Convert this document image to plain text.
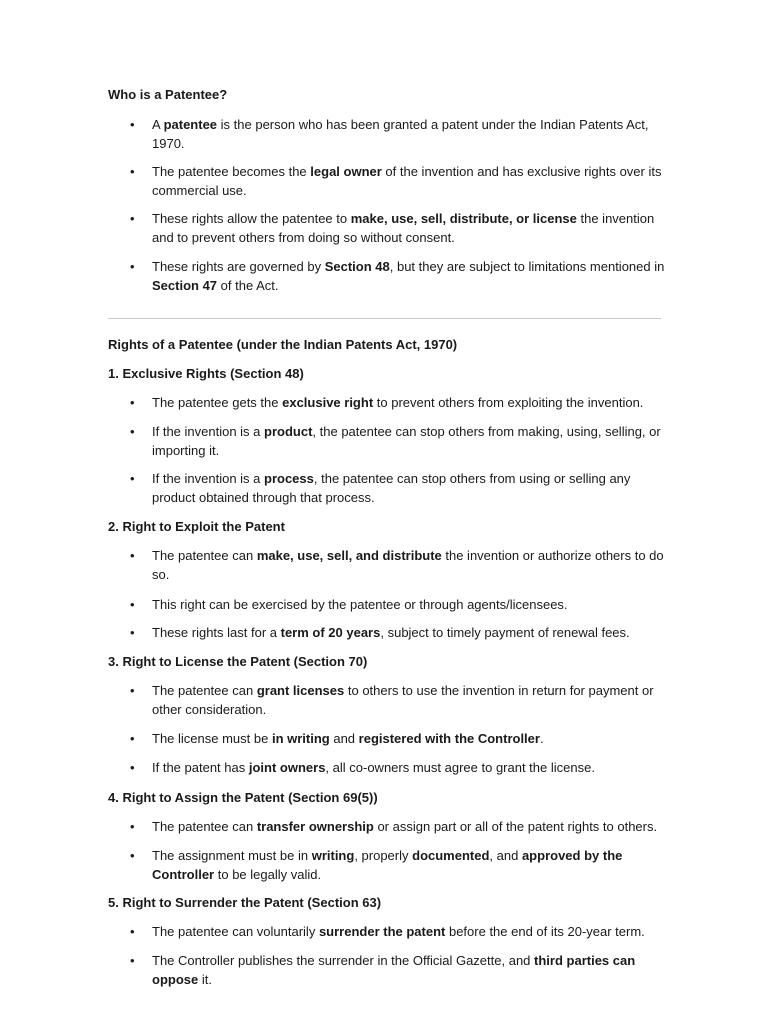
Who is a Patentee?
• A patentee is the person who has been granted a patent under the Indian Patents Act, 1970.
• The patentee becomes the legal owner of the invention and has exclusive rights over its commercial use.
• These rights allow the patentee to make, use, sell, distribute, or license the invention and to prevent others from doing so without consent.
• These rights are governed by Section 48, but they are subject to limitations mentioned in Section 47 of the Act.
Rights of a Patentee (under the Indian Patents Act, 1970)
1. Exclusive Rights (Section 48)
• The patentee gets the exclusive right to prevent others from exploiting the invention.
• If the invention is a product, the patentee can stop others from making, using, selling, or importing it.
• If the invention is a process, the patentee can stop others from using or selling any product obtained through that process.
2. Right to Exploit the Patent
• The patentee can make, use, sell, and distribute the invention or authorize others to do so.
• This right can be exercised by the patentee or through agents/licensees.
• These rights last for a term of 20 years, subject to timely payment of renewal fees.
3. Right to License the Patent (Section 70)
• The patentee can grant licenses to others to use the invention in return for payment or other consideration.
• The license must be in writing and registered with the Controller.
• If the patent has joint owners, all co-owners must agree to grant the license.
4. Right to Assign the Patent (Section 69(5))
• The patentee can transfer ownership or assign part or all of the patent rights to others.
• The assignment must be in writing, properly documented, and approved by the Controller to be legally valid.
5. Right to Surrender the Patent (Section 63)
• The patentee can voluntarily surrender the patent before the end of its 20-year term.
• The Controller publishes the surrender in the Official Gazette, and third parties can oppose it.
